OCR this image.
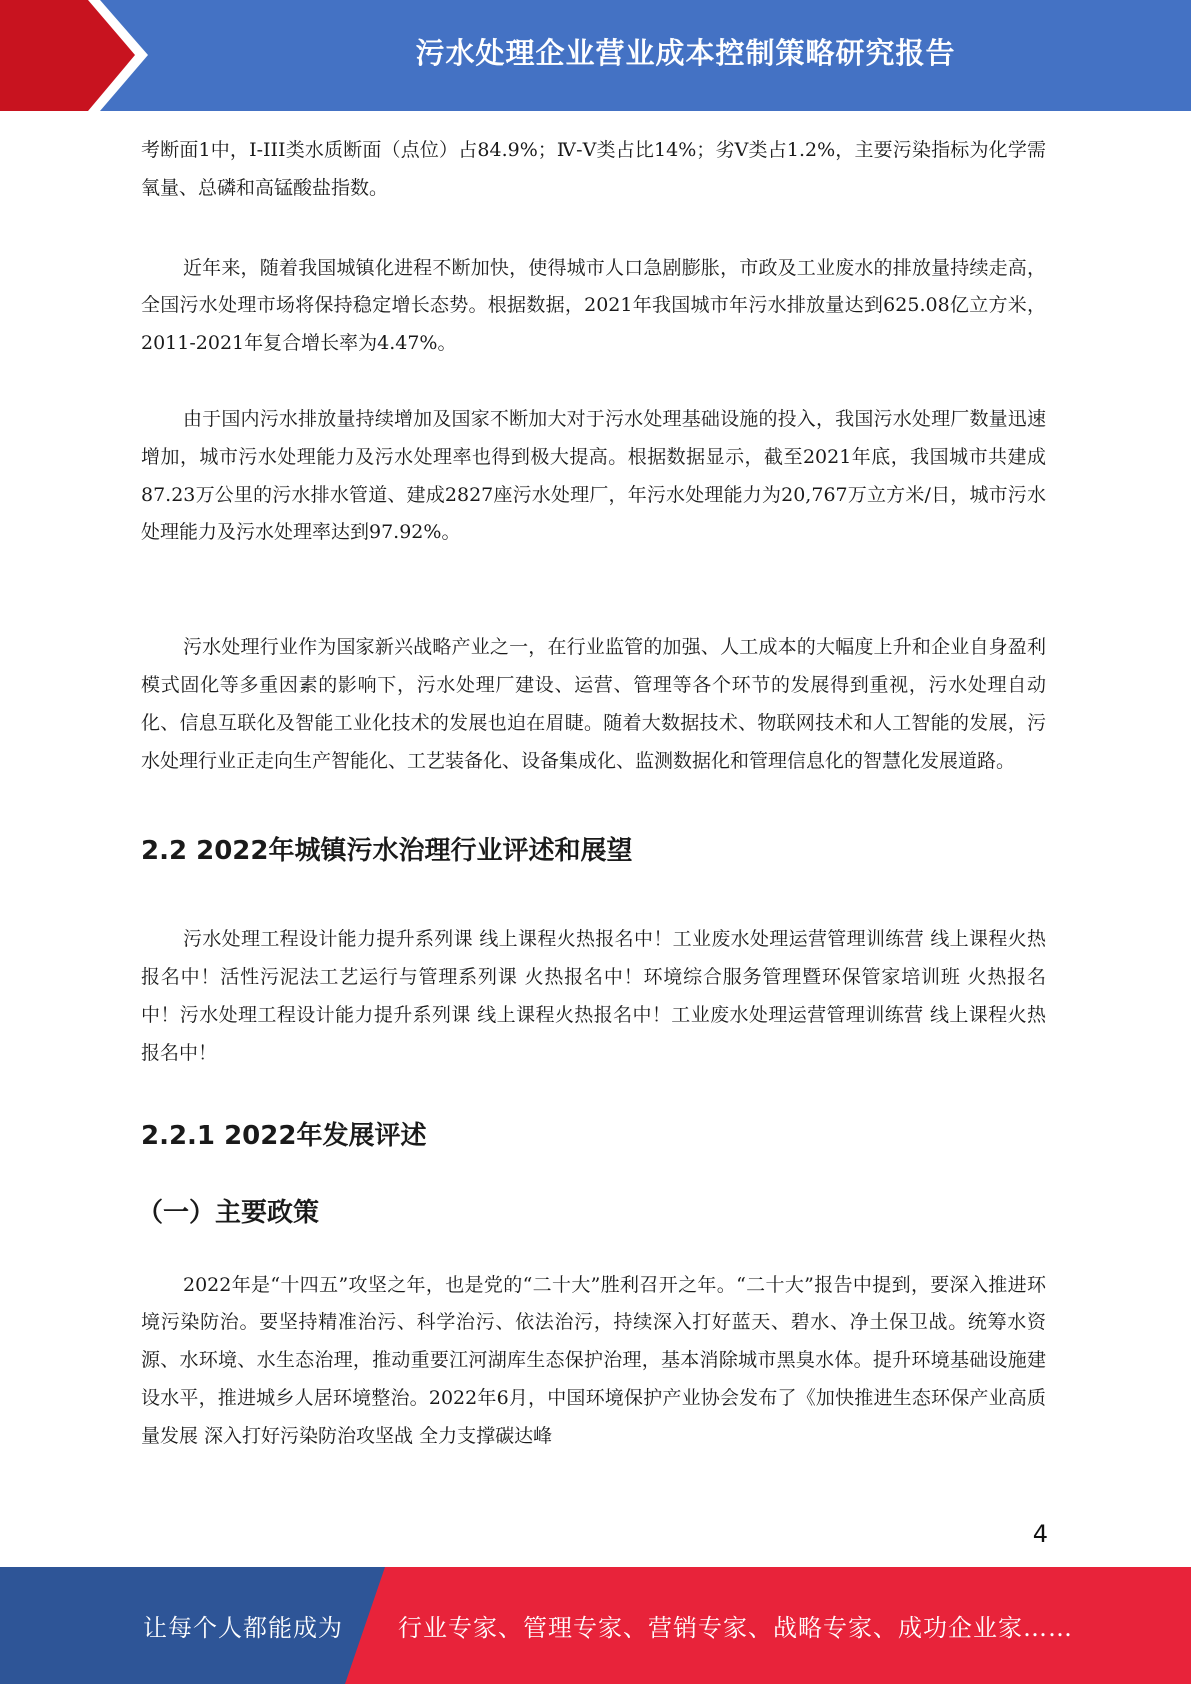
污水处理企业营业成本控制策略研究报告

考断面1中，I-III类水质断面（点位）占84.9%；Ⅳ-Ⅴ类占比14%；劣Ⅴ类占1.2%，主要污染指标为化学需氧量、总磷和高锰酸盐指数。

近年来，随着我国城镇化进程不断加快，使得城市人口急剧膨胀，市政及工业废水的排放量持续走高，全国污水处理市场将保持稳定增长态势。根据数据，2021年我国城市年污水排放量达到625.08亿立方米，2011-2021年复合增长率为4.47%。

由于国内污水排放量持续增加及国家不断加大对于污水处理基础设施的投入，我国污水处理厂数量迅速增加，城市污水处理能力及污水处理率也得到极大提高。根据数据显示，截至2021年底，我国城市共建成87.23万公里的污水排水管道、建成2827座污水处理厂，年污水处理能力为20,767万立方米/日，城市污水处理能力及污水处理率达到97.92%。

污水处理行业作为国家新兴战略产业之一，在行业监管的加强、人工成本的大幅度上升和企业自身盈利模式固化等多重因素的影响下，污水处理厂建设、运营、管理等各个环节的发展得到重视，污水处理自动化、信息互联化及智能工业化技术的发展也迫在眉睫。随着大数据技术、物联网技术和人工智能的发展，污水处理行业正走向生产智能化、工艺装备化、设备集成化、监测数据化和管理信息化的智慧化发展道路。

2.2 2022年城镇污水治理行业评述和展望

污水处理工程设计能力提升系列课 线上课程火热报名中！工业废水处理运营管理训练营 线上课程火热报名中！活性污泥法工艺运行与管理系列课 火热报名中！环境综合服务管理暨环保管家培训班 火热报名中！污水处理工程设计能力提升系列课 线上课程火热报名中！工业废水处理运营管理训练营 线上课程火热报名中！

2.2.1 2022年发展评述
（一）主要政策

2022年是“十四五”攻坚之年，也是党的“二十大”胜利召开之年。“二十大”报告中提到，要深入推进环境污染防治。要坚持精准治污、科学治污、依法治污，持续深入打好蓝天、碧水、净土保卫战。统筹水资源、水环境、水生态治理，推动重要江河湖库生态保护治理，基本消除城市黑臭水体。提升环境基础设施建设水平，推进城乡人居环境整治。2022年6月，中国环境保护产业协会发布了《加快推进生态环保产业高质量发展 深入打好污染防治攻坚战 全力支撑碳达峰

4
让每个人都能成为 行业专家、管理专家、营销专家、战略专家、成功企业家……
